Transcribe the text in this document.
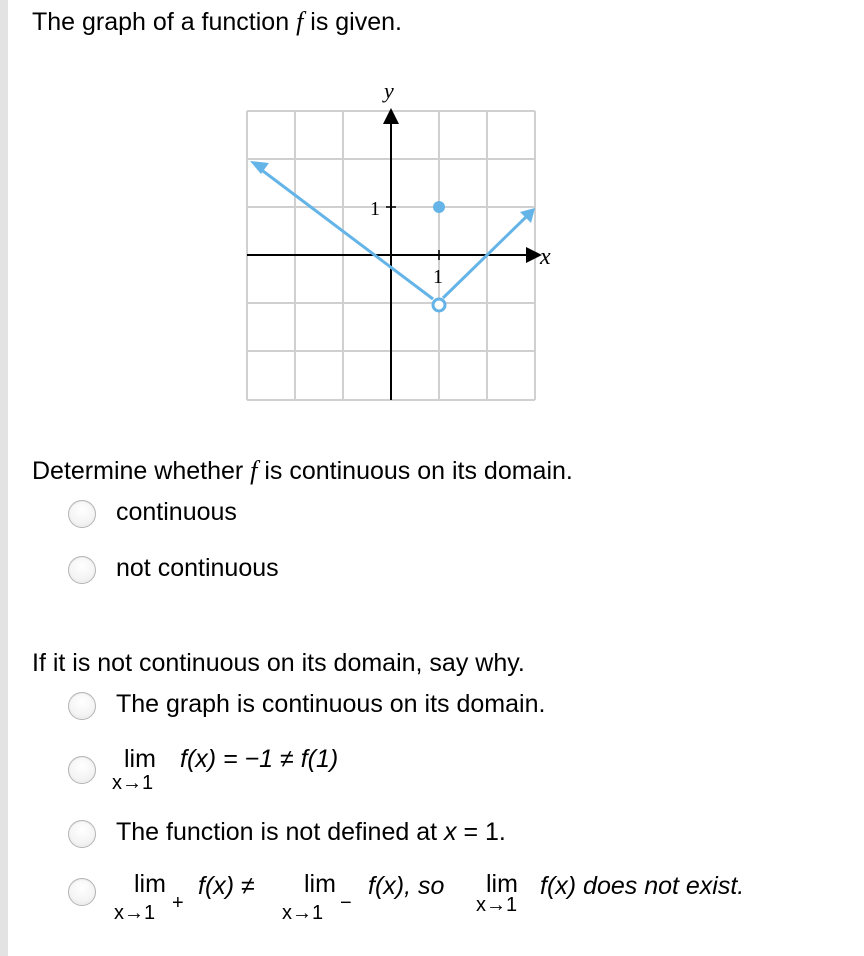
The graph of a function f is given.
y
x
1
1
Determine whether f is continuous on its domain.
continuous
not continuous
If it is not continuous on its domain, say why.
The graph is continuous on its domain.
lim
x→1
f(x) = −1 ≠ f(1)
The function is not defined at x = 1.
lim
x→1 +
f(x) ≠ lim
x→1 −
f(x), so lim
x→1
f(x) does not exist.
